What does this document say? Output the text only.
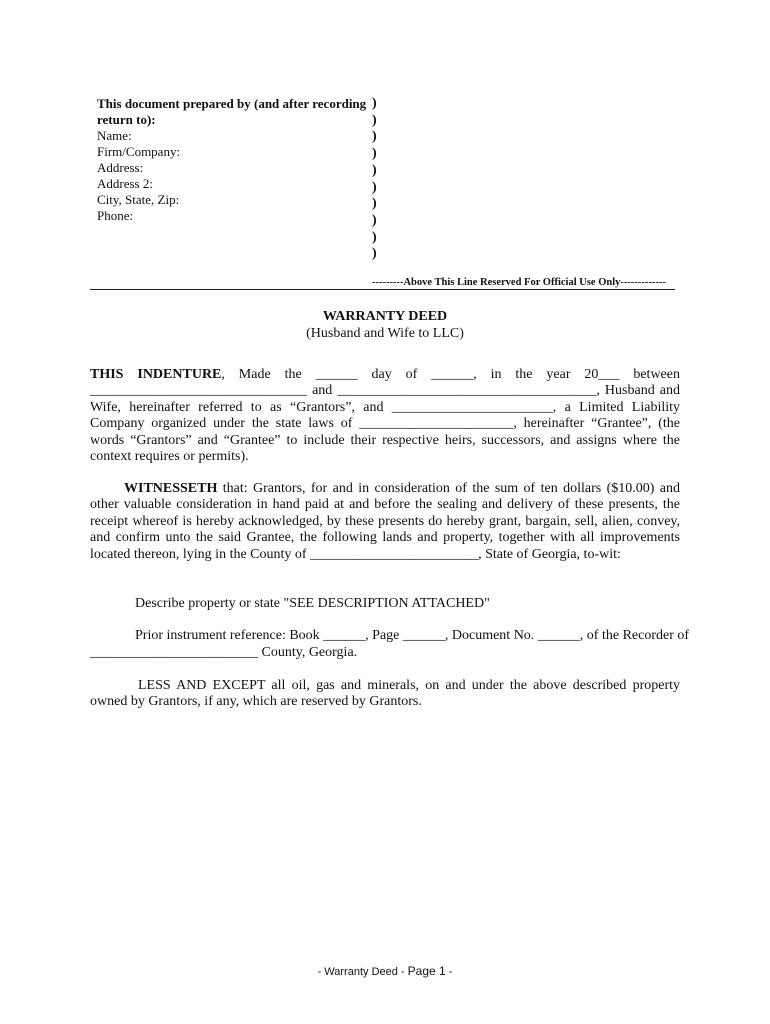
This document prepared by (and after recording return to):
Name:
Firm/Company:
Address:
Address 2:
City, State, Zip:
Phone:
)
)
)
)
)
)
)
)
)
)
---------Above This Line Reserved For Official Use Only-------------
WARRANTY DEED
(Husband and Wife to LLC)
THIS INDENTURE, Made the ______ day of ______, in the year 20___ between _______________________________ and _____________________________________, Husband and Wife, hereinafter referred to as “Grantors”, and _______________________, a Limited Liability Company organized under the state laws of ______________________, hereinafter “Grantee”, (the words “Grantors” and “Grantee” to include their respective heirs, successors, and assigns where the context requires or permits).
WITNESSETH that: Grantors, for and in consideration of the sum of ten dollars ($10.00) and other valuable consideration in hand paid at and before the sealing and delivery of these presents, the receipt whereof is hereby acknowledged, by these presents do hereby grant, bargain, sell, alien, convey, and confirm unto the said Grantee, the following lands and property, together with all improvements located thereon, lying in the County of ________________________, State of Georgia, to-wit:
Describe property or state "SEE DESCRIPTION ATTACHED"
Prior instrument reference: Book ______, Page ______, Document No. ______, of the Recorder of
________________________ County, Georgia.
LESS AND EXCEPT all oil, gas and minerals, on and under the above described property owned by Grantors, if any, which are reserved by Grantors.
- Warranty Deed - Page 1 -
